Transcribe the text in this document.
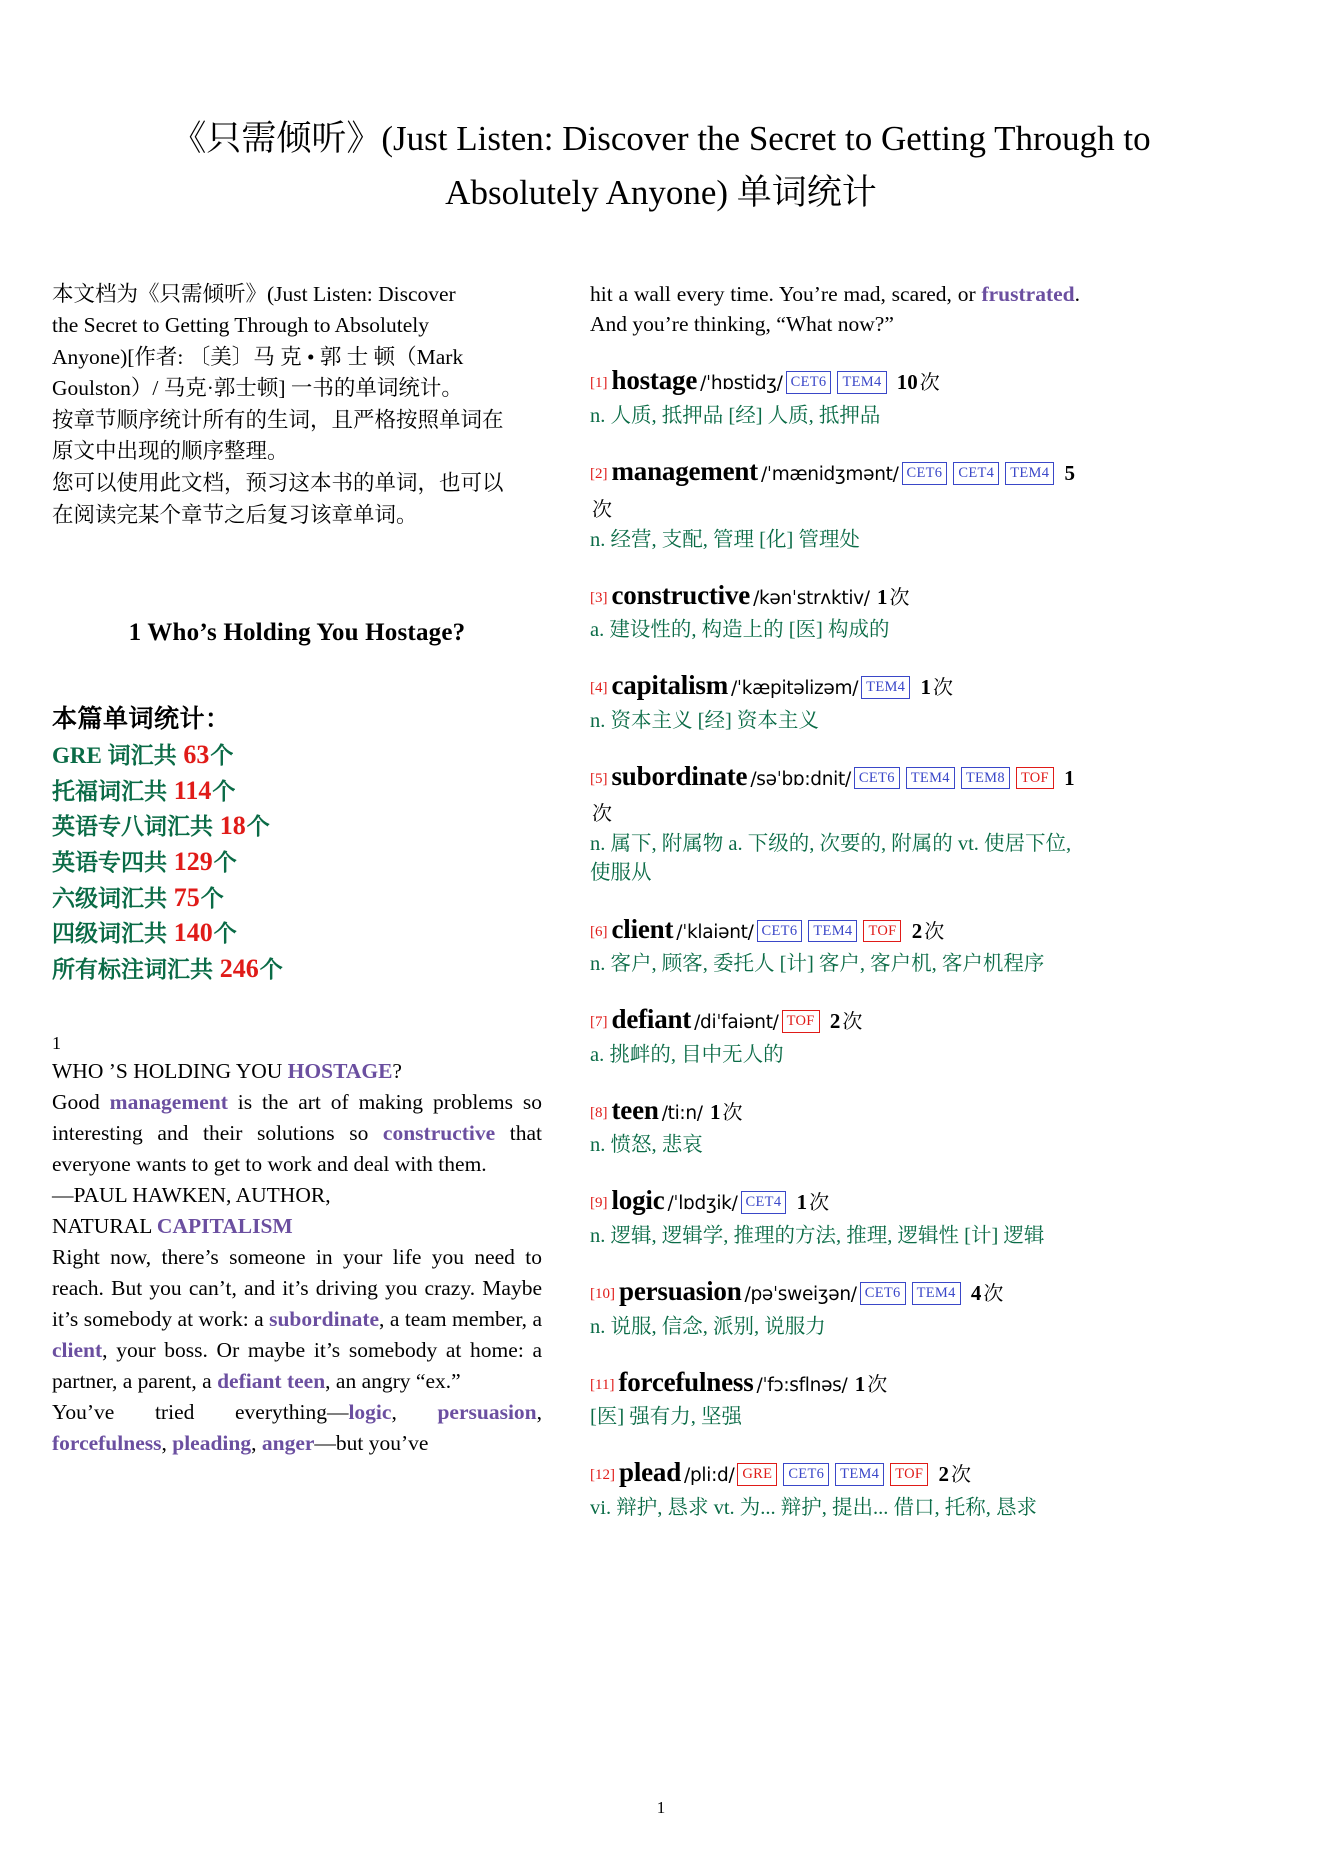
《只需倾听》(Just Listen: Discover the Secret to Getting Through to Absolutely Anyone) 单词统计

本文档为《只需倾听》(Just Listen: Discover

the Secret to Getting Through to Absolutely

Anyone)[作者: 〔美〕马 克 • 郭 士 顿（Mark

Goulston）/ 马克·郭士顿] 一书的单词统计。

按章节顺序统计所有的生词，且严格按照单词在

原文中出现的顺序整理。

您可以使用此文档，预习这本书的单词，也可以

在阅读完某个章节之后复习该章单词。

1 Who’s Holding You Hostage?
本篇单词统计：
GRE 词汇共 63个
托福词汇共 114个
英语专八词汇共 18个
英语专四共 129个
六级词汇共 75个
四级词汇共 140个
所有标注词汇共 246个

1

WHO ’S HOLDING YOU HOSTAGE?

Good management is the art of making problems so interesting and their solutions so constructive that everyone wants to get to work and deal with them.

—PAUL HAWKEN, AUTHOR,

NATURAL CAPITALISM

Right now, there’s someone in your life you need to reach. But you can’t, and it’s driving you crazy. Maybe it’s somebody at work: a subordinate, a team member, a client, your boss. Or maybe it’s somebody at home: a partner, a parent, a defiant teen, an angry “ex.”

You’ve tried everything—logic, persuasion, forcefulness, pleading, anger—but you’ve

hit a wall every time. You’re mad, scared, or frustrated. And you’re thinking, “What now?”

[1] hostage /ˈhɒstidʒ/ CET6 TEM4 10 次
n. 人质, 抵押品 [经] 人质, 抵押品
[2] management /ˈmænidʒmənt/ CET6 CET4 TEM4 5次
n. 经营, 支配, 管理 [化] 管理处
[3] constructive /kənˈstrʌktiv/ 1 次
a. 建设性的, 构造上的 [医] 构成的
[4] capitalism /ˈkæpitəlizəm/ TEM4 1 次
n. 资本主义 [经] 资本主义
[5] subordinate /səˈbɒ:dnit/ CET6 TEM4 TEM8 TOF 1次
n. 属下, 附属物 a. 下级的, 次要的, 附属的 vt. 使居下位, 使服从
[6] client /ˈklaiənt/ CET6 TEM4 TOF 2 次
n. 客户, 顾客, 委托人 [计] 客户, 客户机, 客户机程序
[7] defiant /diˈfaiənt/ TOF 2 次
a. 挑衅的, 目中无人的
[8] teen /ti:n/ 1 次
n. 愤怒, 悲哀
[9] logic /ˈlɒdʒik/ CET4 1 次
n. 逻辑, 逻辑学, 推理的方法, 推理, 逻辑性 [计] 逻辑
[10] persuasion /pəˈsweiʒən/ CET6 TEM4 4 次
n. 说服, 信念, 派别, 说服力
[11] forcefulness /ˈfɔ:sflnəs/ 1 次
[医] 强有力, 坚强
[12] plead /pli:d/ GRE CET6 TEM4 TOF 2 次
vi. 辩护, 恳求 vt. 为... 辩护, 提出... 借口, 托称, 恳求
1
